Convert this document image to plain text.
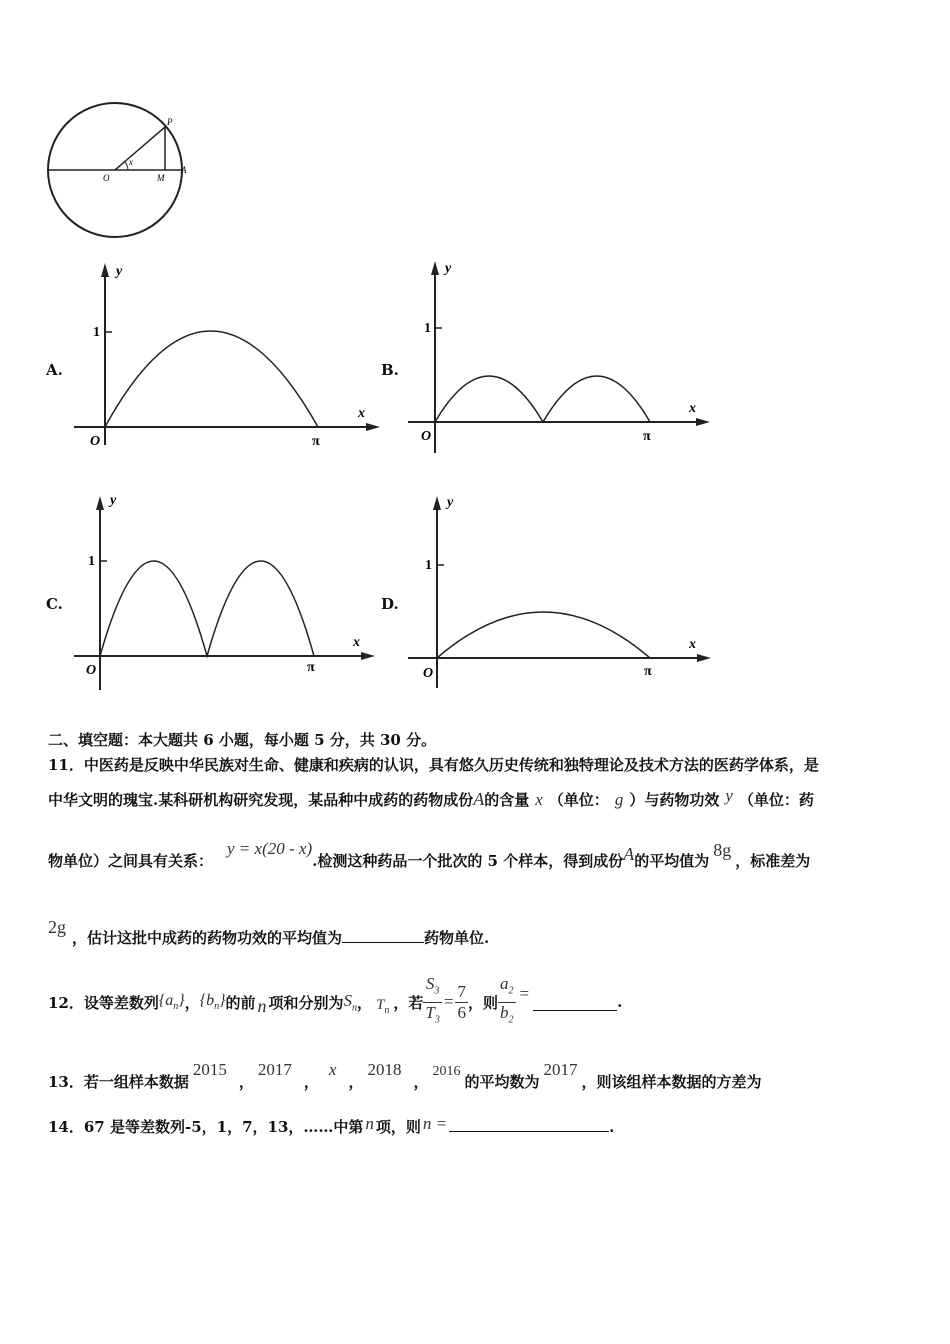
P
x
O	M
A
A.
1
y
x
O	π
B.
1
y
x
O	π
C.
1
y
x
O	π
D.
1
y
x
O	π
二、填空题：本大题共 6 小题，每小题 5 分，共 30 分。
11．中医药是反映中华民族对生命、健康和疾病的认识，具有悠久历史传统和独特理论及技术方法的医药学体系，是
中华文明的瑰宝.某科研机构研究发现，某品种中成药的药物成份A的含量 x （单位： g ）与药物功效 y （单位：药
物单位）之间具有关系：y = x(20 - x).检测这种药品一个批次的 5 个样本，得到成份A的平均值为8g，标准差为
2g，估计这批中成药的药物功效的平均值为	药物单位.
12．设等差数列 $\{a_n\}$ ， $\{b_n\}$ 的前 n 项和分别为 $S_n$ ， $T_n$ ，若 $\frac{S_3}{T_3} = \frac{7}{6}$ ，则 $\frac{a_2}{b_2}$ =	.
13．若一组样本数据2015，2017，x，2018，2016的平均数为2017，则该组样本数据的方差为
14．67 是等差数列-5，1，7，13，……中第 n 项，则 n =	.
